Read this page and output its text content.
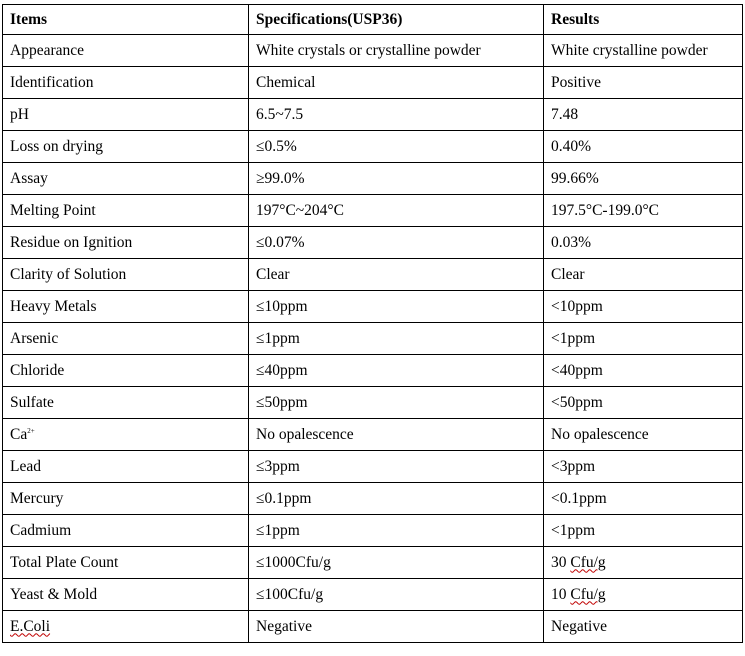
Items	Specifications(USP36)	Results
Appearance	White crystals or crystalline powder	White crystalline powder
Identification	Chemical	Positive
pH	6.5~7.5	7.48
Loss on drying	≤0.5%	0.40%
Assay	≥99.0%	99.66%
Melting Point	197°C~204°C	197.5°C-199.0°C
Residue on Ignition	≤0.07%	0.03%
Clarity of Solution	Clear	Clear
Heavy Metals	≤10ppm	<10ppm
Arsenic	≤1ppm	<1ppm
Chloride	≤40ppm	<40ppm
Sulfate	≤50ppm	<50ppm
$Ca^{2+}$	No opalescence	No opalescence
Lead	≤3ppm	<3ppm
Mercury	≤0.1ppm	<0.1ppm
Cadmium	≤1ppm	<1ppm
Total Plate Count	≤1000Cfu/g	30 Cfu/g
Yeast & Mold	≤100Cfu/g	10 Cfu/g
E.Coli	Negative	Negative
